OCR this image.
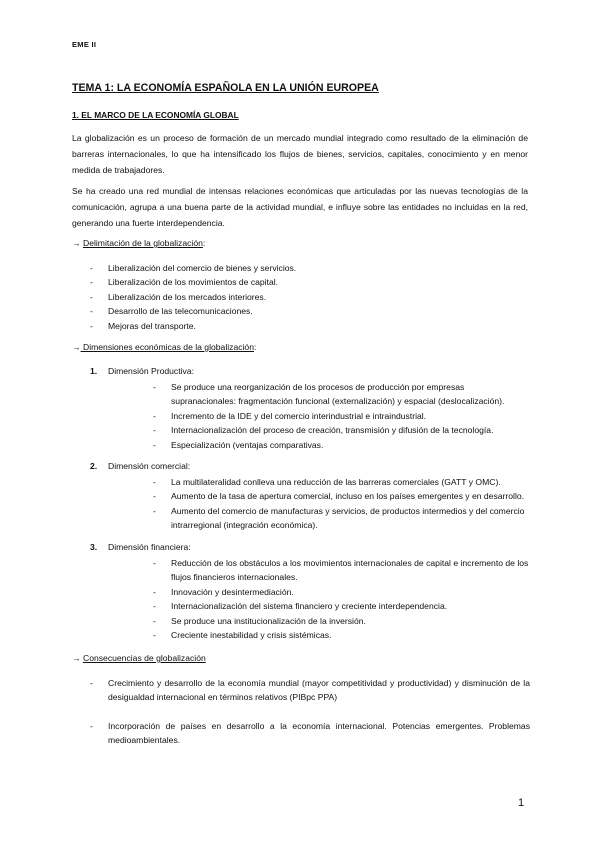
EME II
TEMA 1: LA ECONOMÍA ESPAÑOLA EN LA UNIÓN EUROPEA
1. EL MARCO DE LA ECONOMÍA GLOBAL
La globalización es un proceso de formación de un mercado mundial integrado como resultado de la eliminación de barreras internacionales, lo que ha intensificado los flujos de bienes, servicios, capitales, conocimiento y en menor medida de trabajadores.
Se ha creado una red mundial de intensas relaciones económicas que articuladas por las nuevas tecnologías de la comunicación, agrupa a una buena parte de la actividad mundial, e influye sobre las entidades no incluidas en la red, generando una fuerte interdependencia.
→ Delimitación de la globalización:
- Liberalización del comercio de bienes y servicios.
- Liberalización de los movimientos de capital.
- Liberalización de los mercados interiores.
- Desarrollo de las telecomunicaciones.
- Mejoras del transporte.
→ Dimensiones económicas de la globalización:
1. Dimensión Productiva:
- Se produce una reorganización de los procesos de producción por empresas supranacionales: fragmentación funcional (externalización) y espacial (deslocalización).
- Incremento de la IDE y del comercio interindustrial e intraindustrial.
- Internacionalización del proceso de creación, transmisión y difusión de la tecnología.
- Especialización (ventajas comparativas.
2. Dimensión comercial:
- La multilateralidad conlleva una reducción de las barreras comerciales (GATT y OMC).
- Aumento de la tasa de apertura comercial, incluso en los países emergentes y en desarrollo.
- Aumento del comercio de manufacturas y servicios, de productos intermedios y del comercio intrarregional (integración económica).
3. Dimensión financiera:
- Reducción de los obstáculos a los movimientos internacionales de capital e incremento de los flujos financieros internacionales.
- Innovación y desintermediación.
- Internacionalización del sistema financiero y creciente interdependencia.
- Se produce una institucionalización de la inversión.
- Creciente inestabilidad y crisis sistémicas.
→ Consecuencias de globalización
- Crecimiento y desarrollo de la economía mundial (mayor competitividad y productividad) y disminución de la desigualdad internacional en términos relativos (PIBpc PPA)
- Incorporación de países en desarrollo a la economía internacional. Potencias emergentes. Problemas medioambientales.
1
